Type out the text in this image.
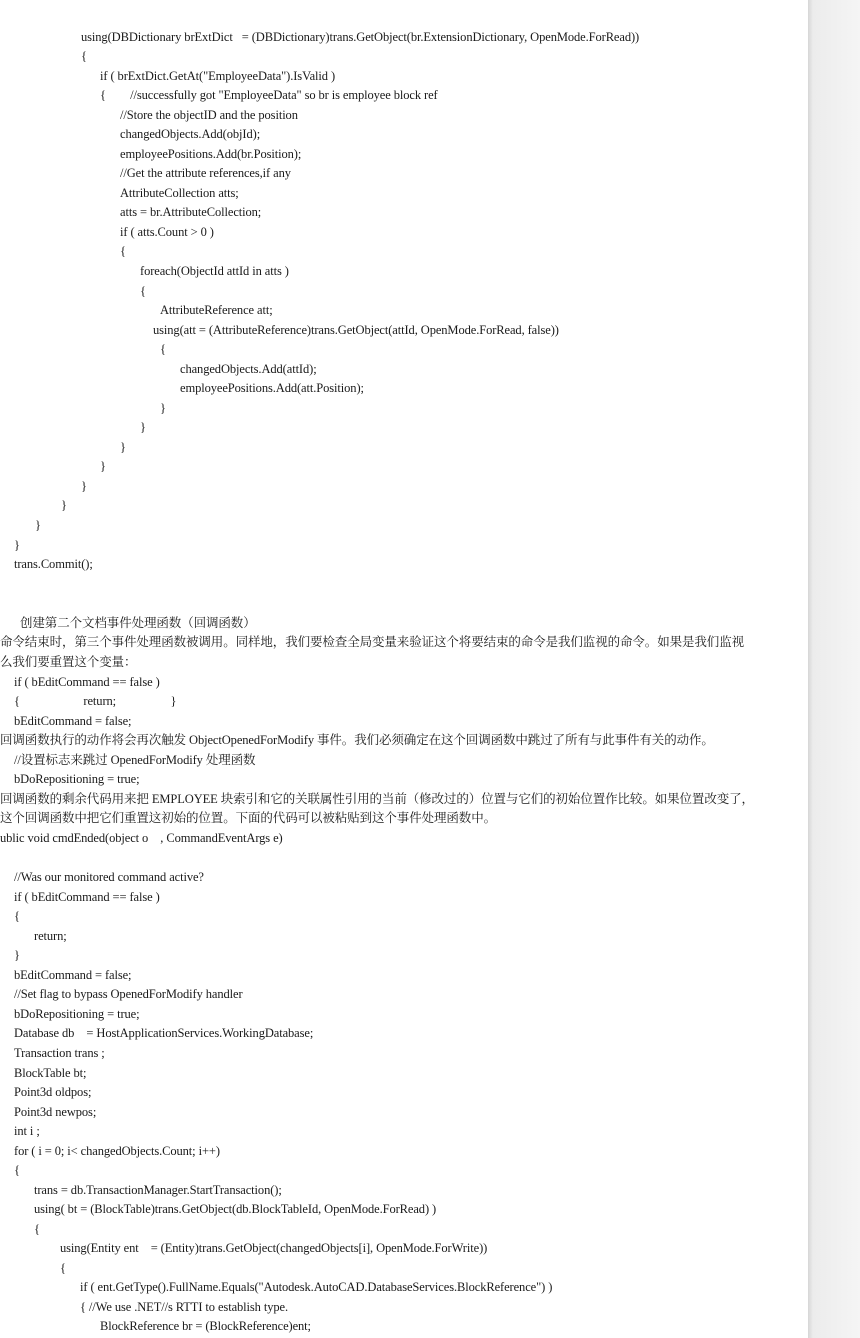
using(DBDictionary brExtDict   = (DBDictionary)trans.GetObject(br.ExtensionDictionary, OpenMode.ForRead))
{
if ( brExtDict.GetAt("EmployeeData").IsValid )
{        //successfully got "EmployeeData" so br is employee block ref
//Store the objectID and the position
changedObjects.Add(objId);
employeePositions.Add(br.Position);
//Get the attribute references,if any
AttributeCollection atts;
atts = br.AttributeCollection;
if ( atts.Count > 0 )
{
foreach(ObjectId attId in atts )
{
AttributeReference att;
using(att = (AttributeReference)trans.GetObject(attId, OpenMode.ForRead, false))
{
changedObjects.Add(attId);
employeePositions.Add(att.Position);
}
}
}
}
}
}
}
}
trans.Commit();
创建第二个文档事件处理函数（回调函数）
命令结束时，第三个事件处理函数被调用。同样地，我们要检查全局变量来验证这个将要结束的命令是我们监视的命令。如果是我们监视
么我们要重置这个变量：
if ( bEditCommand == false )
{                     return;                  }
bEditCommand = false;
回调函数执行的动作将会再次触发 ObjectOpenedForModify 事件。我们必须确定在这个回调函数中跳过了所有与此事件有关的动作。
//设置标志来跳过 OpenedForModify 处理函数
bDoRepositioning = true;
回调函数的剩余代码用来把 EMPLOYEE 块索引和它的关联属性引用的当前（修改过的）位置与它们的初始位置作比较。如果位置改变了，
这个回调函数中把它们重置这初始的位置。下面的代码可以被粘贴到这个事件处理函数中。
ublic void cmdEnded(object o    , CommandEventArgs e)
//Was our monitored command active?
if ( bEditCommand == false )
{
return;
}
bEditCommand = false;
//Set flag to bypass OpenedForModify handler
bDoRepositioning = true;
Database db    = HostApplicationServices.WorkingDatabase;
Transaction trans ;
BlockTable bt;
Point3d oldpos;
Point3d newpos;
int i ;
for ( i = 0; i< changedObjects.Count; i++)
{
trans = db.TransactionManager.StartTransaction();
using( bt = (BlockTable)trans.GetObject(db.BlockTableId, OpenMode.ForRead) )
{
using(Entity ent    = (Entity)trans.GetObject(changedObjects[i], OpenMode.ForWrite))
{
if ( ent.GetType().FullName.Equals("Autodesk.AutoCAD.DatabaseServices.BlockReference") )
{ //We use .NET//s RTTI to establish type.
BlockReference br = (BlockReference)ent;
